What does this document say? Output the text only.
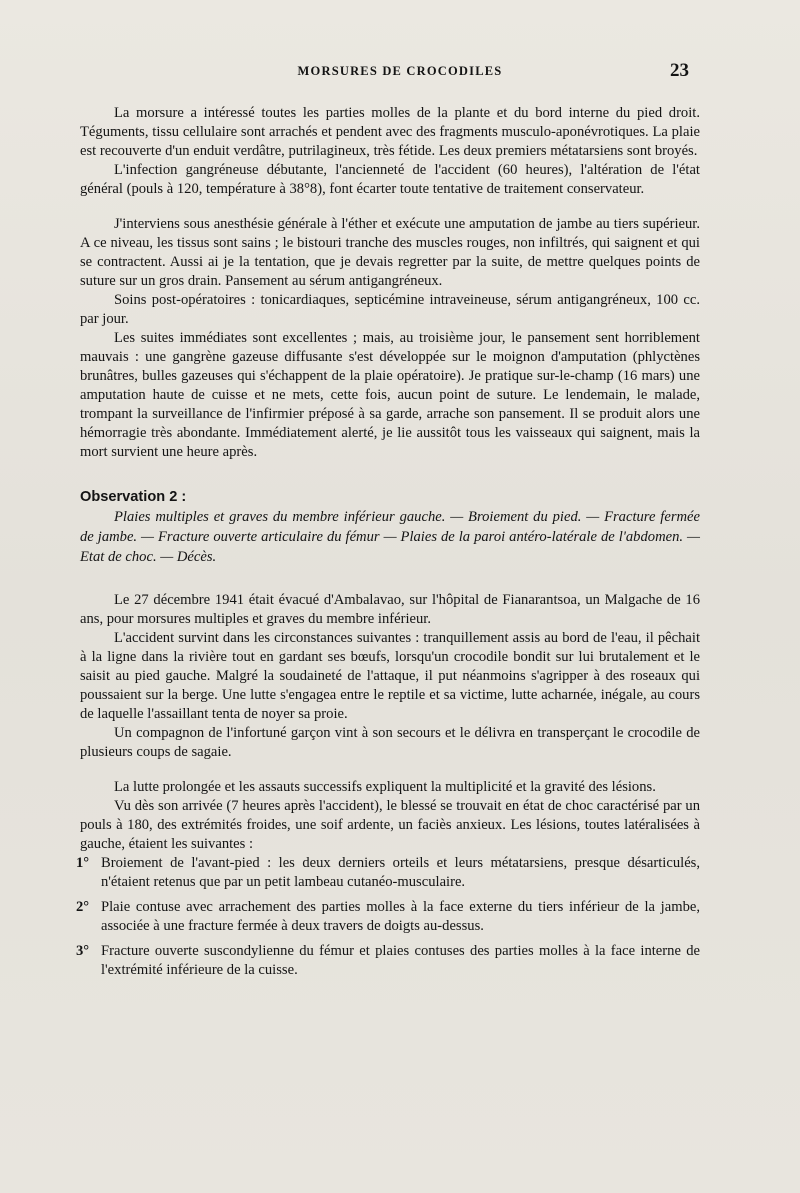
MORSURES DE CROCODILES	23

La morsure a intéressé toutes les parties molles de la plante et du bord interne du pied droit. Téguments, tissu cellulaire sont arrachés et pendent avec des fragments musculo-aponévrotiques. La plaie est recouverte d'un enduit verdâtre, putrilagineux, très fétide. Les deux premiers métatarsiens sont broyés.

L'infection gangréneuse débutante, l'ancienneté de l'accident (60 heures), l'altération de l'état général (pouls à 120, température à 38°8), font écarter toute tentative de traitement conservateur.

J'interviens sous anesthésie générale à l'éther et exécute une amputation de jambe au tiers supérieur. A ce niveau, les tissus sont sains ; le bistouri tranche des muscles rouges, non infiltrés, qui saignent et qui se contractent. Aussi ai je la tentation, que je devais regretter par la suite, de mettre quelques points de suture sur un gros drain. Pansement au sérum antigangréneux.

Soins post-opératoires : tonicardiaques, septicémine intraveineuse, sérum antigangréneux, 100 cc. par jour.

Les suites immédiates sont excellentes ; mais, au troisième jour, le pansement sent horriblement mauvais : une gangrène gazeuse diffusante s'est développée sur le moignon d'amputation (phlyctènes brunâtres, bulles gazeuses qui s'échappent de la plaie opératoire). Je pratique sur-le-champ (16 mars) une amputation haute de cuisse et ne mets, cette fois, aucun point de suture. Le lendemain, le malade, trompant la surveillance de l'infirmier préposé à sa garde, arrache son pansement. Il se produit alors une hémorragie très abondante. Immédiatement alerté, je lie aussitôt tous les vaisseaux qui saignent, mais la mort survient une heure après.

Observation 2 :

Plaies multiples et graves du membre inférieur gauche. — Broiement du pied. — Fracture fermée de jambe. — Fracture ouverte articulaire du fémur — Plaies de la paroi antéro-latérale de l'abdomen. — Etat de choc. — Décès.

Le 27 décembre 1941 était évacué d'Ambalavao, sur l'hôpital de Fianarantsoa, un Malgache de 16 ans, pour morsures multiples et graves du membre inférieur.

L'accident survint dans les circonstances suivantes : tranquillement assis au bord de l'eau, il pêchait à la ligne dans la rivière tout en gardant ses bœufs, lorsqu'un crocodile bondit sur lui brutalement et le saisit au pied gauche. Malgré la soudaineté de l'attaque, il put néanmoins s'agripper à des roseaux qui poussaient sur la berge. Une lutte s'engagea entre le reptile et sa victime, lutte acharnée, inégale, au cours de laquelle l'assaillant tenta de noyer sa proie.

Un compagnon de l'infortuné garçon vint à son secours et le délivra en transperçant le crocodile de plusieurs coups de sagaie.

La lutte prolongée et les assauts successifs expliquent la multiplicité et la gravité des lésions.

Vu dès son arrivée (7 heures après l'accident), le blessé se trouvait en état de choc caractérisé par un pouls à 180, des extrémités froides, une soif ardente, un faciès anxieux. Les lésions, toutes latéralisées à gauche, étaient les suivantes :

1° Broiement de l'avant-pied : les deux derniers orteils et leurs métatarsiens, presque désarticulés, n'étaient retenus que par un petit lambeau cutanéo-musculaire.
2° Plaie contuse avec arrachement des parties molles à la face externe du tiers inférieur de la jambe, associée à une fracture fermée à deux travers de doigts au-dessus.
3° Fracture ouverte suscondylienne du fémur et plaies contuses des parties molles à la face interne de l'extrémité inférieure de la cuisse.
